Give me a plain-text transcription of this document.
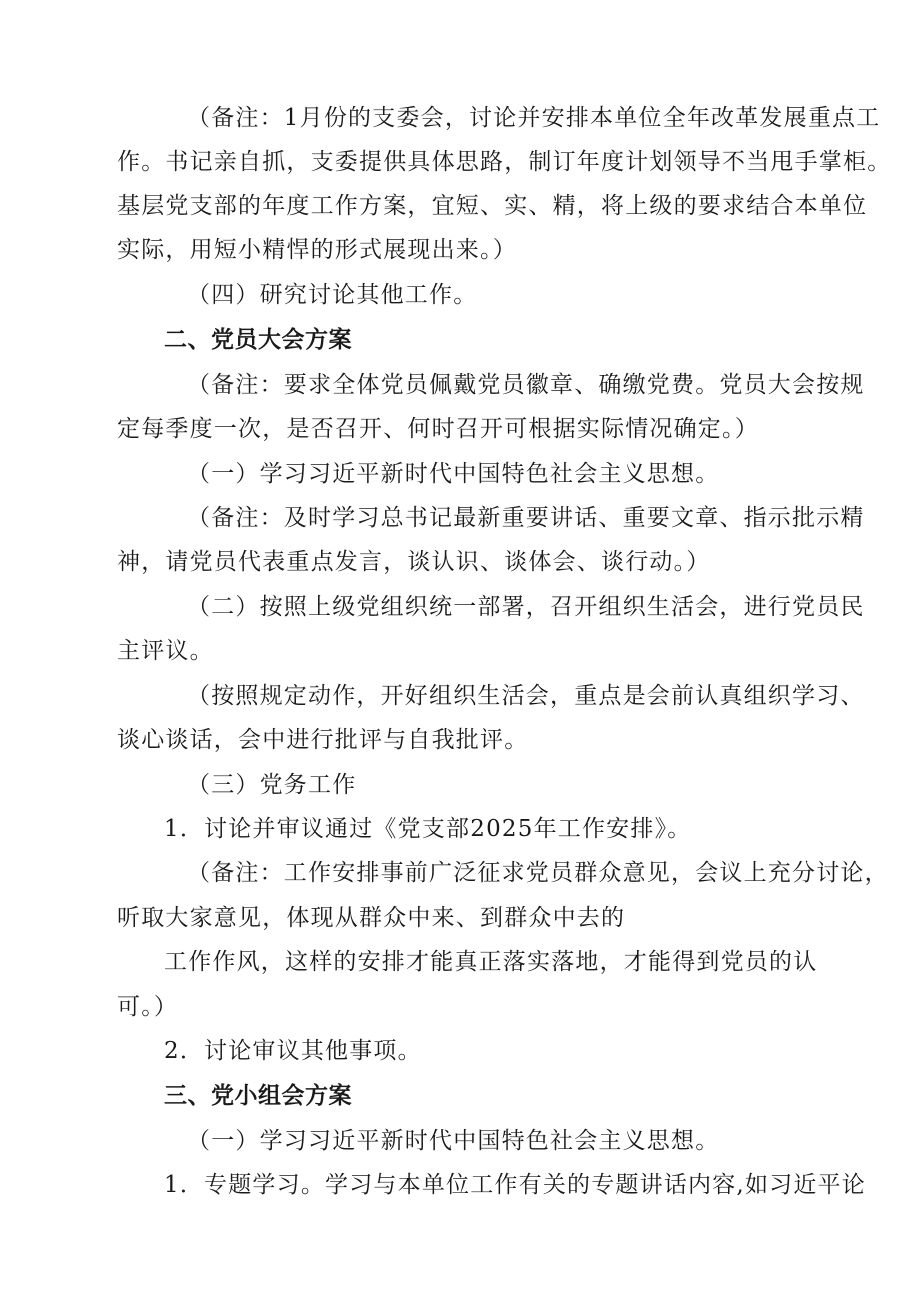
（备注：1月份的支委会，讨论并安排本单位全年改革发展重点工
作。书记亲自抓，支委提供具体思路，制订年度计划领导不当甩手掌柜。
基层党支部的年度工作方案，宜短、实、精，将上级的要求结合本单位
实际，用短小精悍的形式展现出来。）
（四）研究讨论其他工作。
二、党员大会方案
（备注：要求全体党员佩戴党员徽章、确缴党费。党员大会按规
定每季度一次，是否召开、何时召开可根据实际情况确定。）
（一）学习习近平新时代中国特色社会主义思想。
（备注：及时学习总书记最新重要讲话、重要文章、指示批示精
神，请党员代表重点发言，谈认识、谈体会、谈行动。）
（二）按照上级党组织统一部署，召开组织生活会，进行党员民
主评议。
（按照规定动作，开好组织生活会，重点是会前认真组织学习、
谈心谈话，会中进行批评与自我批评。
（三）党务工作
1．讨论并审议通过《党支部2025年工作安排》。
（备注：工作安排事前广泛征求党员群众意见，会议上充分讨论，
听取大家意见，体现从群众中来、到群众中去的
工作作风，这样的安排才能真正落实落地，才能得到党员的认
可。）
2．讨论审议其他事项。
三、党小组会方案
（一）学习习近平新时代中国特色社会主义思想。
1．专题学习。学习与本单位工作有关的专题讲话内容,如习近平论
